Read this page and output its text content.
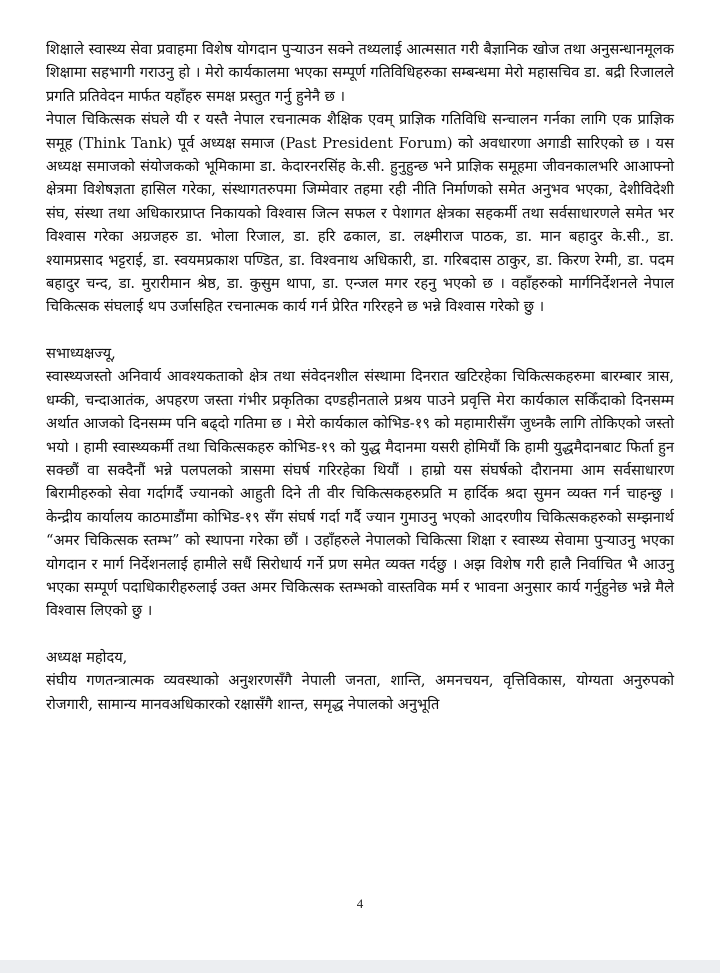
शिक्षाले स्वास्थ्य सेवा प्रवाहमा विशेष योगदान पुऱ्याउन सक्ने तथ्यलाई आत्मसात गरी बैज्ञानिक खोज तथा अनुसन्धानमूलक शिक्षामा सहभागी गराउनु हो । मेरो कार्यकालमा भएका सम्पूर्ण गतिविधिहरुका सम्बन्धमा मेरो महासचिव डा. बद्री रिजालले प्रगति प्रतिवेदन मार्फत यहाँहरु समक्ष प्रस्तुत गर्नु हुनेनै छ ।

नेपाल चिकित्सक संघले यी र यस्तै नेपाल रचनात्मक शैक्षिक एवम् प्राज्ञिक गतिविधि सन्चालन गर्नका लागि एक प्राज्ञिक समूह (Think Tank) पूर्व अध्यक्ष समाज (Past President Forum) को अवधारणा अगाडी सारिएको छ । यस अध्यक्ष समाजको संयोजकको भूमिकामा डा. केदारनरसिंह के.सी. हुनुहुन्छ भने प्राज्ञिक समूहमा जीवनकालभरि आआफ्नो क्षेत्रमा विशेषज्ञता हासिल गरेका, संस्थागतरुपमा जिम्मेवार तहमा रही नीति निर्माणको समेत अनुभव भएका, देशीविदेशी संघ, संस्था तथा अधिकारप्राप्त निकायको विश्वास जित्न सफल र पेशागत क्षेत्रका सहकर्मी तथा सर्वसाधारणले समेत भर विश्वास गरेका अग्रजहरु डा. भोला रिजाल, डा. हरि ढकाल, डा. लक्ष्मीराज पाठक, डा. मान बहादुर के.सी., डा. श्यामप्रसाद भट्टराई, डा. स्वयमप्रकाश पण्डित, डा. विश्वनाथ अधिकारी, डा. गरिबदास ठाकुर, डा. किरण रेग्मी, डा. पदम बहादुर चन्द, डा. मुरारीमान श्रेष्ठ, डा. कुसुम थापा, डा. एन्जल मगर रहनु भएको छ । वहाँहरुको मार्गनिर्देशनले नेपाल चिकित्सक संघलाई थप उर्जासहित रचनात्मक कार्य गर्न प्रेरित गरिरहने छ भन्ने विश्वास गरेको छु ।

सभाध्यक्षज्यू,

स्वास्थ्यजस्तो अनिवार्य आवश्यकताको क्षेत्र तथा संवेदनशील संस्थामा दिनरात खटिरहेका चिकित्सकहरुमा बारम्बार त्रास, धम्की, चन्दाआतंक, अपहरण जस्ता गंभीर प्रकृतिका दण्डहीनताले प्रश्रय पाउने प्रवृत्ति मेरा कार्यकाल सकिँदाको दिनसम्म अर्थात आजको दिनसम्म पनि बढ्दो गतिमा छ । मेरो कार्यकाल कोभिड-१९ को महामारीसँग जुध्नकै लागि तोकिएको जस्तो भयो । हामी स्वास्थ्यकर्मी तथा चिकित्सकहरु कोभिड-१९ को युद्ध मैदानमा यसरी होमियौं कि हामी युद्धमैदानबाट फिर्ता हुन सक्छौं वा सक्दैनौं भन्ने पलपलको त्रासमा संघर्ष गरिरहेका थियौं । हाम्रो यस संघर्षको दौरानमा आम सर्वसाधारण बिरामीहरुको सेवा गर्दागर्दै ज्यानको आहुती दिने ती वीर चिकित्सकहरुप्रति म हार्दिक श्रदा सुमन व्यक्त गर्न चाहन्छु । केन्द्रीय कार्यालय काठमाडौंमा कोभिड-१९ सँग संघर्ष गर्दा गर्दै ज्यान गुमाउनु भएको आदरणीय चिकित्सकहरुको सम्झनार्थ “अमर चिकित्सक स्तम्भ” को स्थापना गरेका छौं । उहाँहरुले नेपालको चिकित्सा शिक्षा र स्वास्थ्य सेवामा पुऱ्याउनु भएका योगदान र मार्ग निर्देशनलाई हामीले सधैं सिरोधार्य गर्ने प्रण समेत व्यक्त गर्दछु । अझ विशेष गरी हालै निर्वाचित भै आउनु भएका सम्पूर्ण पदाधिकारीहरुलाई उक्त अमर चिकित्सक स्तम्भको वास्तविक मर्म र भावना अनुसार कार्य गर्नुहुनेछ भन्ने मैले विश्वास लिएको छु ।

अध्यक्ष महोदय,

संघीय गणतन्त्रात्मक व्यवस्थाको अनुशरणसँगै नेपाली जनता, शान्ति, अमनचयन, वृत्तिविकास, योग्यता अनुरुपको रोजगारी, सामान्य मानवअधिकारको रक्षासँगै शान्त, समृद्ध नेपालको अनुभूति

4
